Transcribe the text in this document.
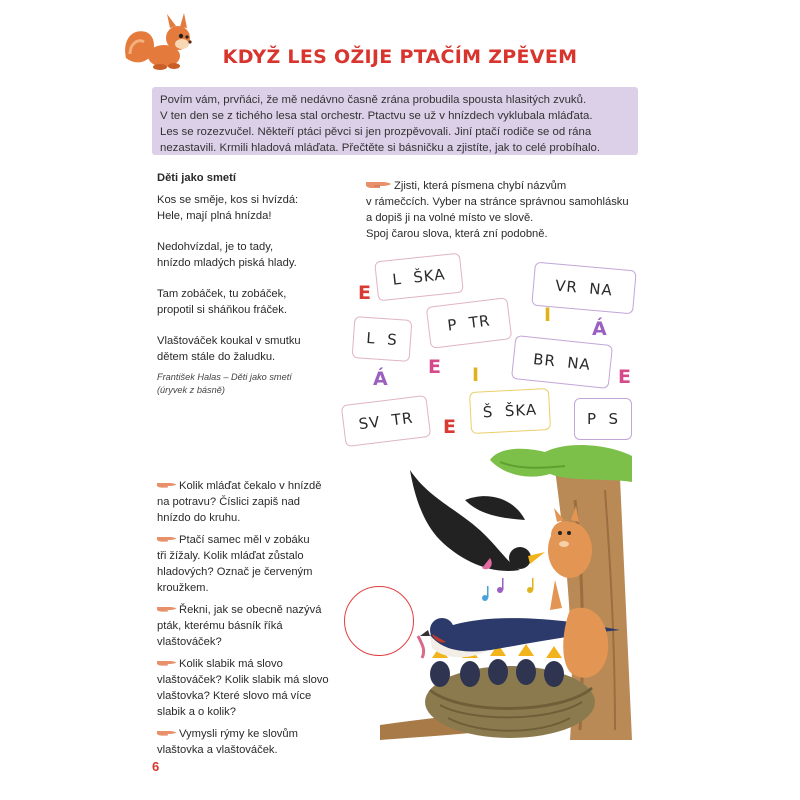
KDYŽ LES OŽIJE PTAČÍM ZPĚVEM
Povím vám, prvňáci, že mě nedávno časně zrána probudila spousta hlasitých zvuků.
V ten den se z tichého lesa stal orchestr. Ptactvu se už v hnízdech vyklubala mláďata.
Les se rozezvučel. Někteří ptáci pěvci si jen prozpěvovali. Jiní ptačí rodiče se od rána
nezastavili. Krmili hladová mláďata. Přečtěte si básničku a zjistíte, jak to celé probíhalo.
Děti jako smetí
Kos se směje, kos si hvízdá:
Hele, mají plná hnízda!
Nedohvízdal, je to tady,
hnízdo mladých piská hlady.
Tam zobáček, tu zobáček,
propotil si sháňkou fráček.
Vlaštováček koukal v smutku
dětem stále do žaludku.
František Halas – Děti jako smetí
(úryvek z básně)
Zjisti, která písmena chybí názvům
v rámečcích. Vyber na stránce správnou samohlásku
a dopiš ji na volné místo ve slově.
Spoj čarou slova, která zní podobně.
L  ŠKA	VR  NA
L  S
P  TR
BR  NA
SV  TR	Š  ŠKA	P  S
E
I
Á
E I
Á
E
E
Kolik mláďat čekalo v hnízdě
na potravu? Číslici zapiš nad
hnízdo do kruhu.
Ptačí samec měl v zobáku
tři žížaly. Kolik mláďat zůstalo
hladových? Označ je červeným
kroužkem.
Řekni, jak se obecně nazývá
pták, kterému básník říká
vlaštováček?
Kolik slabik má slovo
vlaštováček? Kolik slabik má slovo
vlaštovka? Které slovo má více
slabik a o kolik?
Vymysli rýmy ke slovům
vlaštovka a vlaštováček.
6
